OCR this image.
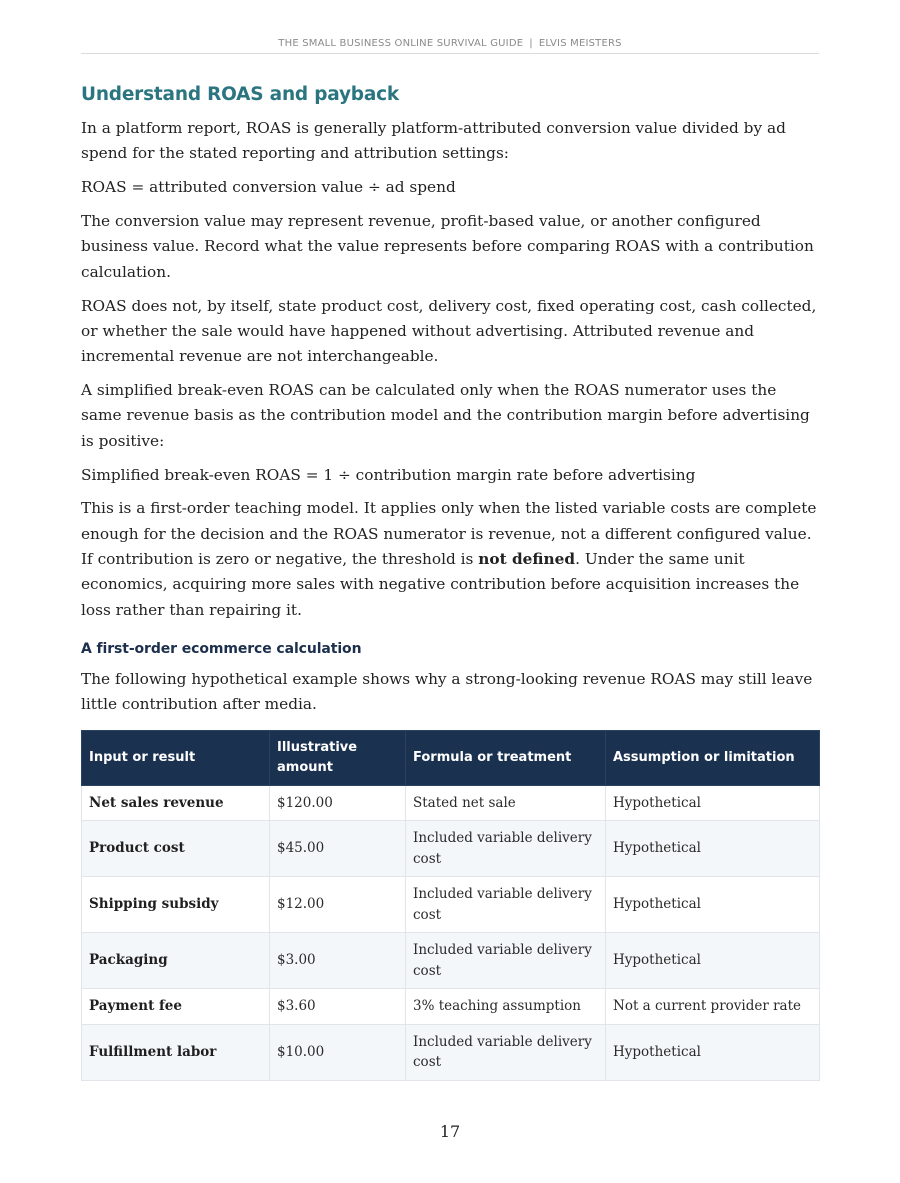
THE SMALL BUSINESS ONLINE SURVIVAL GUIDE | ELVIS MEISTERS
Understand ROAS and payback

In a platform report, ROAS is generally platform-attributed conversion value divided by ad spend for the stated reporting and attribution settings:

ROAS = attributed conversion value ÷ ad spend

The conversion value may represent revenue, profit-based value, or another configured business value. Record what the value represents before comparing ROAS with a contribution calculation.

ROAS does not, by itself, state product cost, delivery cost, fixed operating cost, cash collected, or whether the sale would have happened without advertising. Attributed revenue and incremental revenue are not interchangeable.

A simplified break-even ROAS can be calculated only when the ROAS numerator uses the same revenue basis as the contribution model and the contribution margin before advertising is positive:

Simplified break-even ROAS = 1 ÷ contribution margin rate before advertising

This is a first-order teaching model. It applies only when the listed variable costs are complete enough for the decision and the ROAS numerator is revenue, not a different configured value. If contribution is zero or negative, the threshold is not defined. Under the same unit economics, acquiring more sales with negative contribution before acquisition increases the loss rather than repairing it.

A first-order ecommerce calculation

The following hypothetical example shows why a strong-looking revenue ROAS may still leave little contribution after media.

Input or result	Illustrative amount	Formula or treatment	Assumption or limitation
Net sales revenue	$120.00	Stated net sale	Hypothetical
Product cost	$45.00	Included variable delivery cost	Hypothetical
Shipping subsidy	$12.00	Included variable delivery cost	Hypothetical
Packaging	$3.00	Included variable delivery cost	Hypothetical
Payment fee	$3.60	3% teaching assumption	Not a current provider rate
Fulfillment labor	$10.00	Included variable delivery cost	Hypothetical
17
